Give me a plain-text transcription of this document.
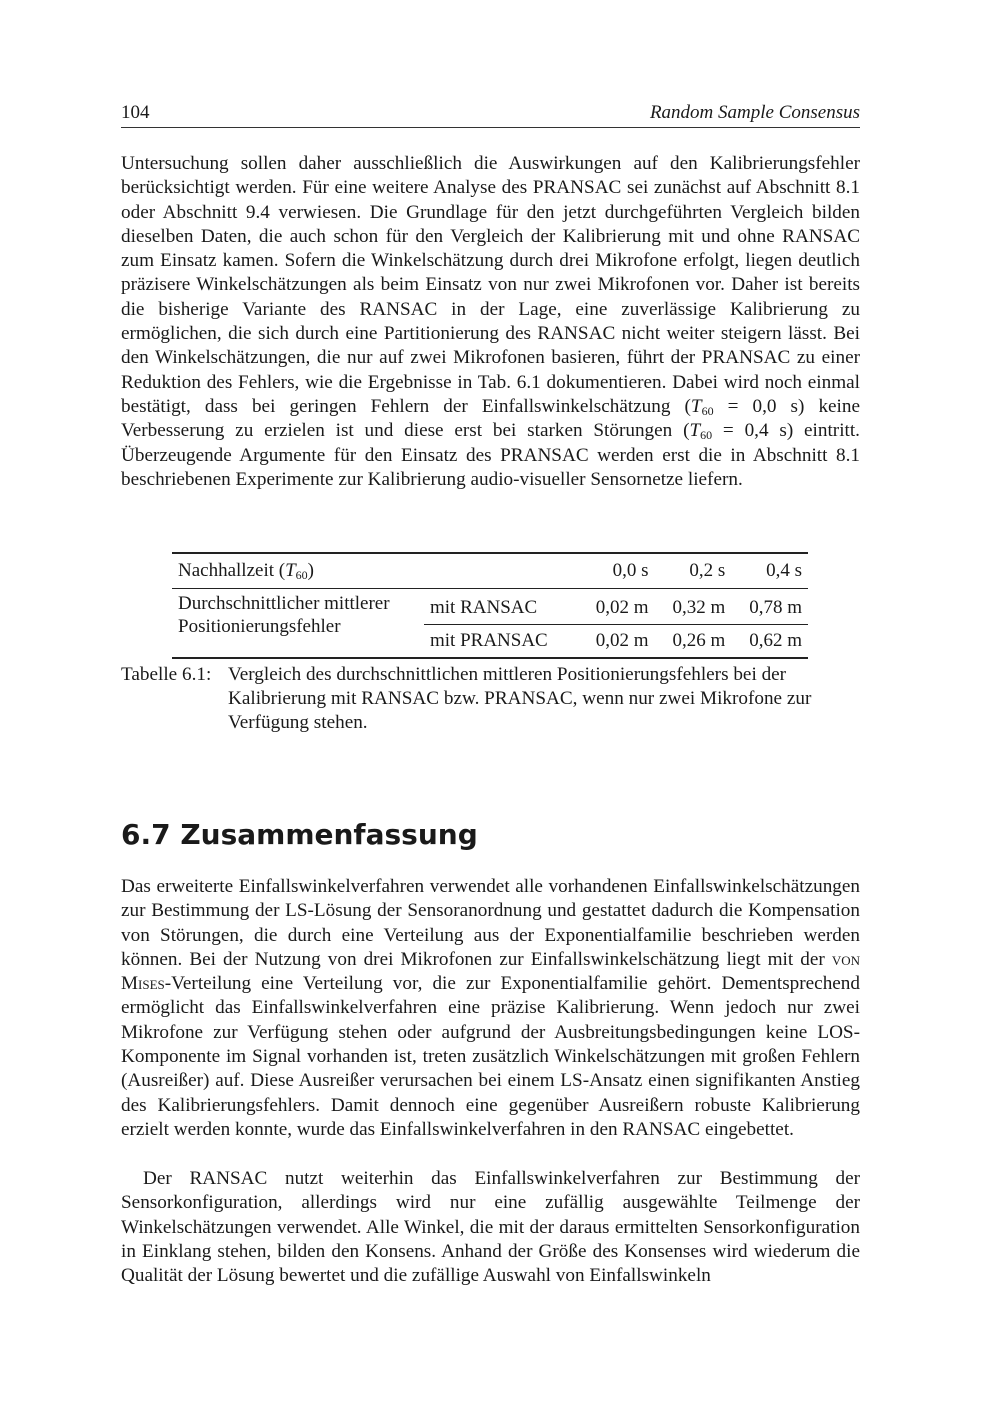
104	Random Sample Consensus

Untersuchung sollen daher ausschließlich die Auswirkungen auf den Kalibrierungsfehler berücksichtigt werden. Für eine weitere Analyse des PRANSAC sei zunächst auf Abschnitt 8.1 oder Abschnitt 9.4 verwiesen. Die Grundlage für den jetzt durchgeführten Vergleich bilden dieselben Daten, die auch schon für den Vergleich der Kalibrierung mit und ohne RANSAC zum Einsatz kamen. Sofern die Winkelschätzung durch drei Mikrofone erfolgt, liegen deutlich präzisere Winkelschätzungen als beim Einsatz von nur zwei Mikrofonen vor. Daher ist bereits die bisherige Variante des RANSAC in der Lage, eine zuverlässige Kalibrierung zu ermöglichen, die sich durch eine Partitionierung des RANSAC nicht weiter steigern lässt. Bei den Winkelschätzungen, die nur auf zwei Mikrofonen basieren, führt der PRANSAC zu einer Reduktion des Fehlers, wie die Ergebnisse in Tab. 6.1 dokumentieren. Dabei wird noch einmal bestätigt, dass bei geringen Fehlern der Einfallswinkelschätzung ($T_{60} = 0,0$ s) keine Verbesserung zu erzielen ist und diese erst bei starken Störungen ($T_{60} = 0,4$ s) eintritt. Überzeugende Argumente für den Einsatz des PRANSAC werden erst die in Abschnitt 8.1 beschriebenen Experimente zur Kalibrierung audio-visueller Sensornetze liefern.

Nachhallzeit $(T_{60})$		0,0 s	0,2 s	0,4 s
Durchschnittlicher mittlerer Positionierungsfehler	mit RANSAC	0,02 m	0,32 m	0,78 m
	mit PRANSAC	0,02 m	0,26 m	0,62 m
Tabelle 6.1: Vergleich des durchschnittlichen mittleren Positionierungsfehlers bei der Kalibrierung mit RANSAC bzw. PRANSAC, wenn nur zwei Mikrofone zur Verfügung stehen.
6.7 Zusammenfassung

Das erweiterte Einfallswinkelverfahren verwendet alle vorhandenen Einfallswinkelschätzungen zur Bestimmung der LS-Lösung der Sensoranordnung und gestattet dadurch die Kompensation von Störungen, die durch eine Verteilung aus der Exponentialfamilie beschrieben werden können. Bei der Nutzung von drei Mikrofonen zur Einfallswinkelschätzung liegt mit der von Mises-Verteilung eine Verteilung vor, die zur Exponentialfamilie gehört. Dementsprechend ermöglicht das Einfallswinkelverfahren eine präzise Kalibrierung. Wenn jedoch nur zwei Mikrofone zur Verfügung stehen oder aufgrund der Ausbreitungsbedingungen keine LOS-Komponente im Signal vorhanden ist, treten zusätzlich Winkelschätzungen mit großen Fehlern (Ausreißer) auf. Diese Ausreißer verursachen bei einem LS-Ansatz einen signifikanten Anstieg des Kalibrierungsfehlers. Damit dennoch eine gegenüber Ausreißern robuste Kalibrierung erzielt werden konnte, wurde das Einfallswinkelverfahren in den RANSAC eingebettet.

Der RANSAC nutzt weiterhin das Einfallswinkelverfahren zur Bestimmung der Sensorkonfiguration, allerdings wird nur eine zufällig ausgewählte Teilmenge der Winkelschätzungen verwendet. Alle Winkel, die mit der daraus ermittelten Sensorkonfiguration in Einklang stehen, bilden den Konsens. Anhand der Größe des Konsenses wird wiederum die Qualität der Lösung bewertet und die zufällige Auswahl von Einfallswinkeln
